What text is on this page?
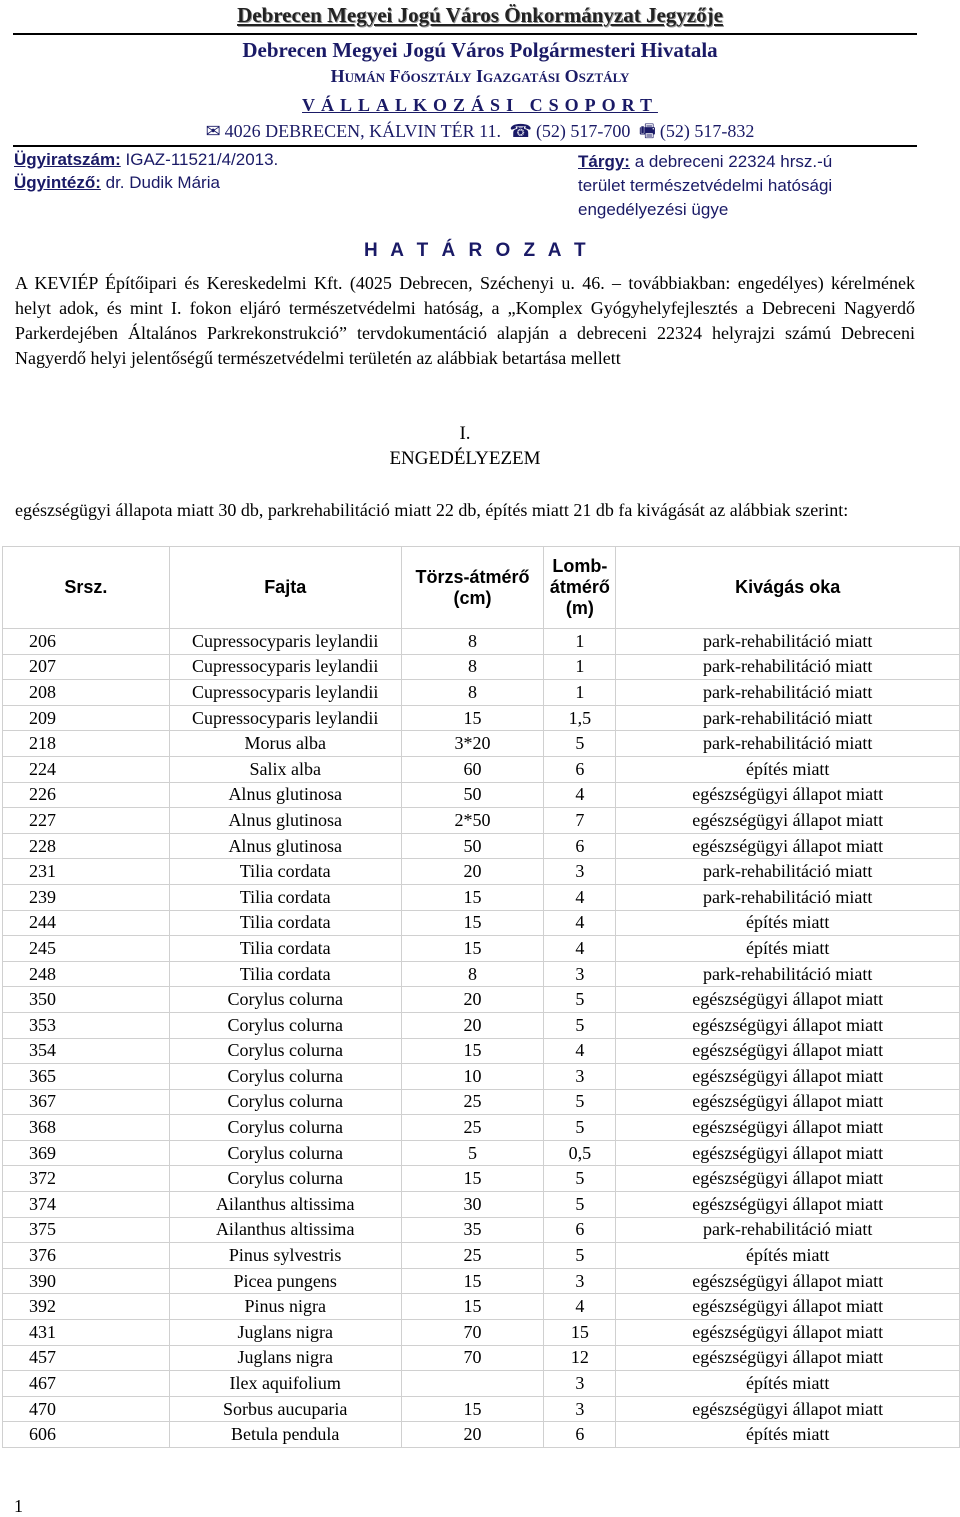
Debrecen Megyei Jogú Város Önkormányzat Jegyzője
Debrecen Megyei Jogú Város Polgármesteri Hivatala
Humán Főosztály Igazgatási Osztály
VÁLLALKOZÁSI CSOPORT
✉ 4026 DEBRECEN, KÁLVIN TÉR 11. ☎ (52) 517-700 🖷 (52) 517-832
Ügyiratszám: IGAZ-11521/4/2013.
Ügyintéző: dr. Dudik Mária
Tárgy: a debreceni 22324 hrsz.-ú
terület természetvédelmi hatósági
engedélyezési ügye
H A T Á R O Z A T
A KEVIÉP Építőipari és Kereskedelmi Kft. (4025 Debrecen, Széchenyi u. 46. – továbbiakban: engedélyes) kérelmének helyt adok, és mint I. fokon eljáró természetvédelmi hatóság, a „Komplex Gyógyhelyfejlesztés a Debreceni Nagyerdő Parkerdejében Általános Parkrekonstrukció” tervdokumentáció alapján a debreceni 22324 helyrajzi számú Debreceni Nagyerdő helyi jelentőségű természetvédelmi területén az alábbiak betartása mellett
I.
ENGEDÉLYEZEM
egészségügyi állapota miatt 30 db, parkrehabilitáció miatt 22 db, építés miatt 21 db fa kivágását az alábbiak szerint:
Srsz.	Fajta	Törzs-átmérő (cm)	Lomb-átmérő (m)	Kivágás oka
206	Cupressocyparis leylandii	8	1	park-rehabilitáció miatt
207	Cupressocyparis leylandii	8	1	park-rehabilitáció miatt
208	Cupressocyparis leylandii	8	1	park-rehabilitáció miatt
209	Cupressocyparis leylandii	15	1,5	park-rehabilitáció miatt
218	Morus alba	3*20	5	park-rehabilitáció miatt
224	Salix alba	60	6	építés miatt
226	Alnus glutinosa	50	4	egészségügyi állapot miatt
227	Alnus glutinosa	2*50	7	egészségügyi állapot miatt
228	Alnus glutinosa	50	6	egészségügyi állapot miatt
231	Tilia cordata	20	3	park-rehabilitáció miatt
239	Tilia cordata	15	4	park-rehabilitáció miatt
244	Tilia cordata	15	4	építés miatt
245	Tilia cordata	15	4	építés miatt
248	Tilia cordata	8	3	park-rehabilitáció miatt
350	Corylus colurna	20	5	egészségügyi állapot miatt
353	Corylus colurna	20	5	egészségügyi állapot miatt
354	Corylus colurna	15	4	egészségügyi állapot miatt
365	Corylus colurna	10	3	egészségügyi állapot miatt
367	Corylus colurna	25	5	egészségügyi állapot miatt
368	Corylus colurna	25	5	egészségügyi állapot miatt
369	Corylus colurna	5	0,5	egészségügyi állapot miatt
372	Corylus colurna	15	5	egészségügyi állapot miatt
374	Ailanthus altissima	30	5	egészségügyi állapot miatt
375	Ailanthus altissima	35	6	park-rehabilitáció miatt
376	Pinus sylvestris	25	5	építés miatt
390	Picea pungens	15	3	egészségügyi állapot miatt
392	Pinus nigra	15	4	egészségügyi állapot miatt
431	Juglans nigra	70	15	egészségügyi állapot miatt
457	Juglans nigra	70	12	egészségügyi állapot miatt
467	Ilex aquifolium		3	építés miatt
470	Sorbus aucuparia	15	3	egészségügyi állapot miatt
606	Betula pendula	20	6	építés miatt
1
